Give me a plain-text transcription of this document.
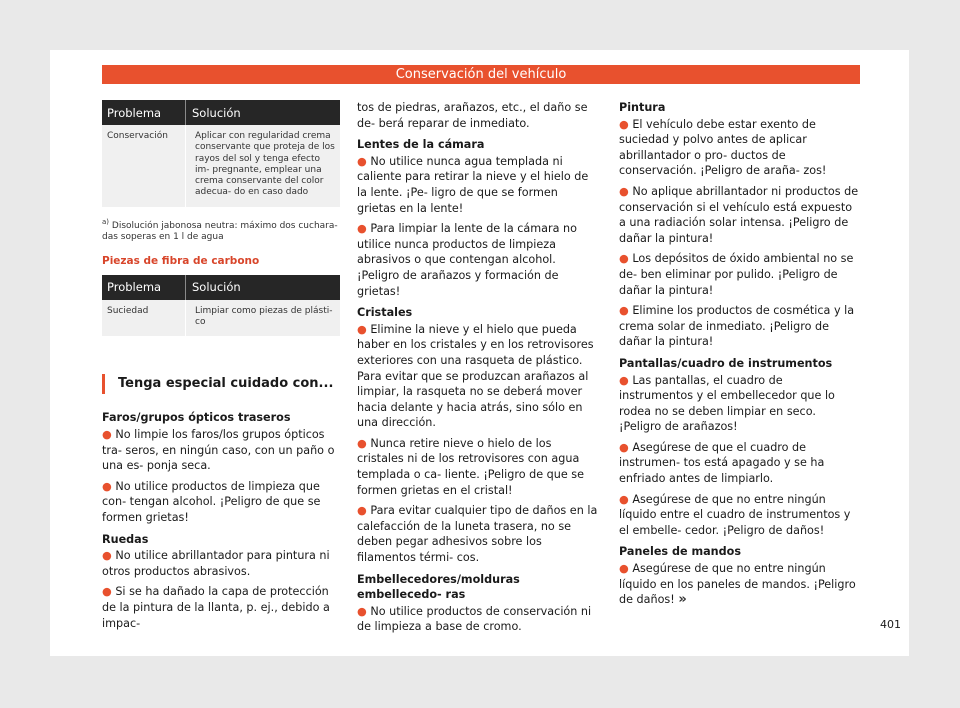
Conservación del vehículo
Problema	Solución
Conservación	Aplicar con regularidad crema conservante que proteja de los rayos del sol y tenga efecto im- pregnante, emplear una crema conservante del color adecua- do en caso dado
$^{a)}$ Disolución jabonosa neutra: máximo dos cuchara- das soperas en 1 l de agua
Piezas de fibra de carbono
Problema	Solución
Suciedad	Limpiar como piezas de plásti- co
Tenga especial cuidado con...
Faros/grupos ópticos traseros

● No limpie los faros/los grupos ópticos tra- seros, en ningún caso, con un paño o una es- ponja seca.

● No utilice productos de limpieza que con- tengan alcohol. ¡Peligro de que se formen grietas!

Ruedas

● No utilice abrillantador para pintura ni otros productos abrasivos.

● Si se ha dañado la capa de protección de la pintura de la llanta, p. ej., debido a impac-

tos de piedras, arañazos, etc., el daño se de- berá reparar de inmediato.

Lentes de la cámara

● No utilice nunca agua templada ni caliente para retirar la nieve y el hielo de la lente. ¡Pe- ligro de que se formen grietas en la lente!

● Para limpiar la lente de la cámara no utilice nunca productos de limpieza abrasivos o que contengan alcohol. ¡Peligro de arañazos y formación de grietas!

Cristales

● Elimine la nieve y el hielo que pueda haber en los cristales y en los retrovisores exteriores con una rasqueta de plástico. Para evitar que se produzcan arañazos al limpiar, la rasqueta no se deberá mover hacia delante y hacia atrás, sino sólo en una dirección.

● Nunca retire nieve o hielo de los cristales ni de los retrovisores con agua templada o ca- liente. ¡Peligro de que se formen grietas en el cristal!

● Para evitar cualquier tipo de daños en la calefacción de la luneta trasera, no se deben pegar adhesivos sobre los filamentos térmi- cos.

Embellecedores/molduras embellecedo- ras

● No utilice productos de conservación ni de limpieza a base de cromo.

Pintura

● El vehículo debe estar exento de suciedad y polvo antes de aplicar abrillantador o pro- ductos de conservación. ¡Peligro de araña- zos!

● No aplique abrillantador ni productos de conservación si el vehículo está expuesto a una radiación solar intensa. ¡Peligro de dañar la pintura!

● Los depósitos de óxido ambiental no se de- ben eliminar por pulido. ¡Peligro de dañar la pintura!

● Elimine los productos de cosmética y la crema solar de inmediato. ¡Peligro de dañar la pintura!

Pantallas/cuadro de instrumentos

● Las pantallas, el cuadro de instrumentos y el embellecedor que lo rodea no se deben limpiar en seco. ¡Peligro de arañazos!

● Asegúrese de que el cuadro de instrumen- tos está apagado y se ha enfriado antes de limpiarlo.

● Asegúrese de que no entre ningún líquido entre el cuadro de instrumentos y el embelle- cedor. ¡Peligro de daños!

Paneles de mandos

● Asegúrese de que no entre ningún líquido en los paneles de mandos. ¡Peligro de daños! »

401
